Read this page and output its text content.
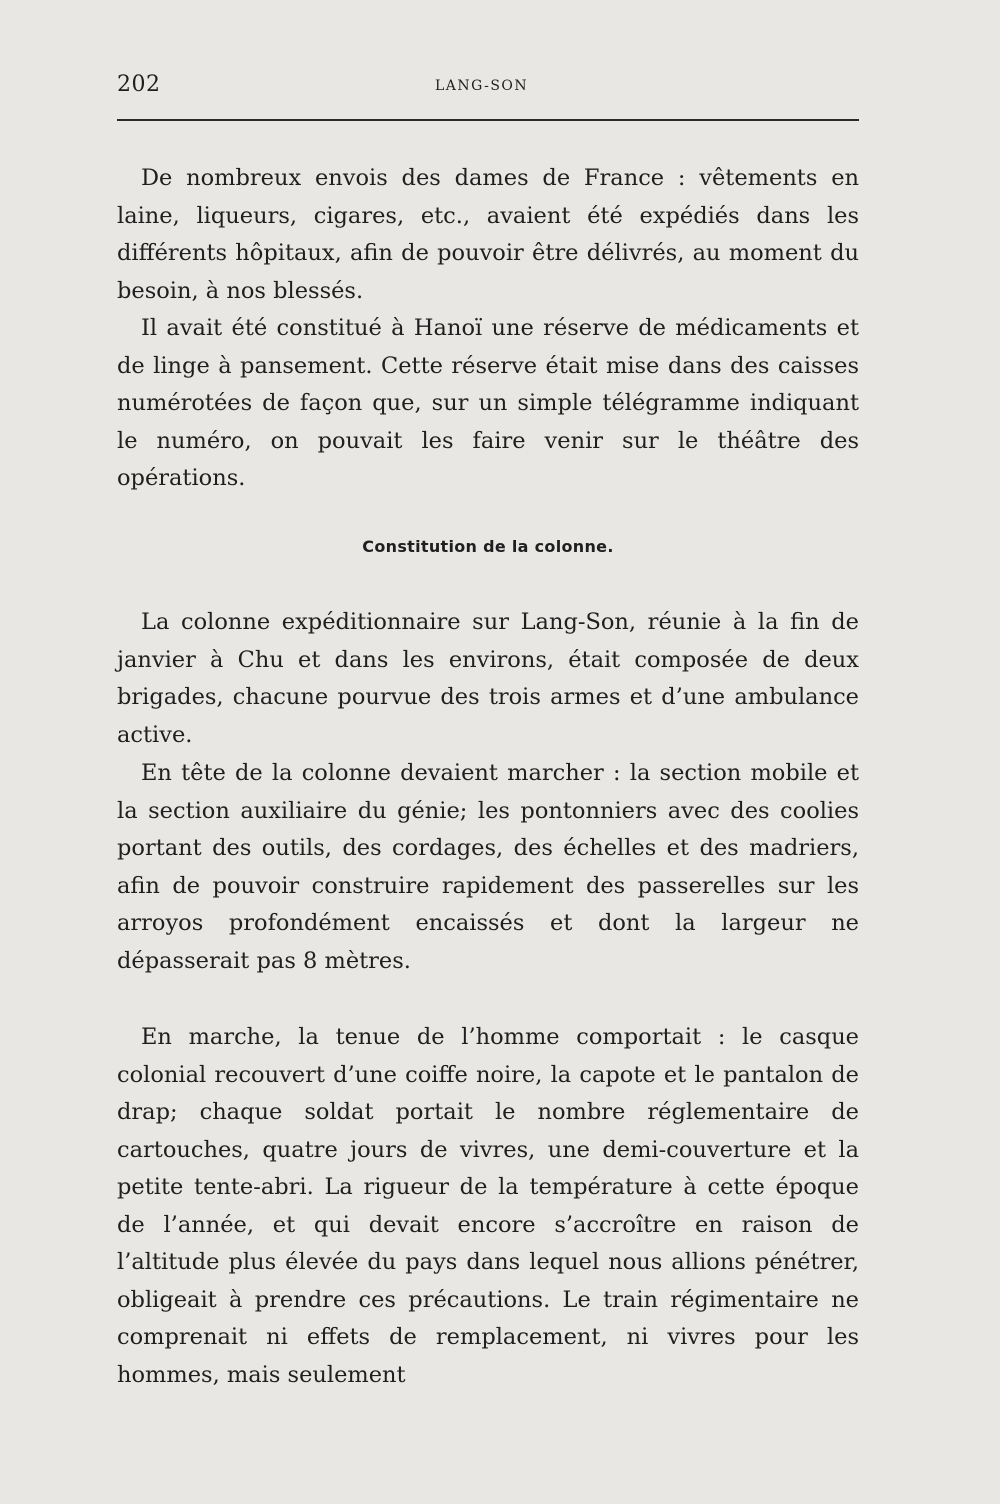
202	LANG-SON

De nombreux envois des dames de France : vêtements en laine, liqueurs, cigares, etc., avaient été expédiés dans les différents hôpitaux, afin de pouvoir être délivrés, au moment du besoin, à nos blessés.

Il avait été constitué à Hanoï une réserve de médicaments et de linge à pansement. Cette réserve était mise dans des caisses numérotées de façon que, sur un simple télégramme indiquant le numéro, on pouvait les faire venir sur le théâtre des opérations.

Constitution de la colonne.

La colonne expéditionnaire sur Lang-Son, réunie à la fin de janvier à Chu et dans les environs, était composée de deux brigades, chacune pourvue des trois armes et d’une ambulance active.

En tête de la colonne devaient marcher : la section mobile et la section auxiliaire du génie; les pontonniers avec des coolies portant des outils, des cordages, des échelles et des madriers, afin de pouvoir construire rapidement des passerelles sur les arroyos profondément encaissés et dont la largeur ne dépasserait pas 8 mètres.

En marche, la tenue de l’homme comportait : le casque colonial recouvert d’une coiffe noire, la capote et le pantalon de drap; chaque soldat portait le nombre réglementaire de cartouches, quatre jours de vivres, une demi-couverture et la petite tente-abri. La rigueur de la température à cette époque de l’année, et qui devait encore s’accroître en raison de l’altitude plus élevée du pays dans lequel nous allions pénétrer, obligeait à prendre ces précautions. Le train régimentaire ne comprenait ni effets de remplacement, ni vivres pour les hommes, mais seulement
